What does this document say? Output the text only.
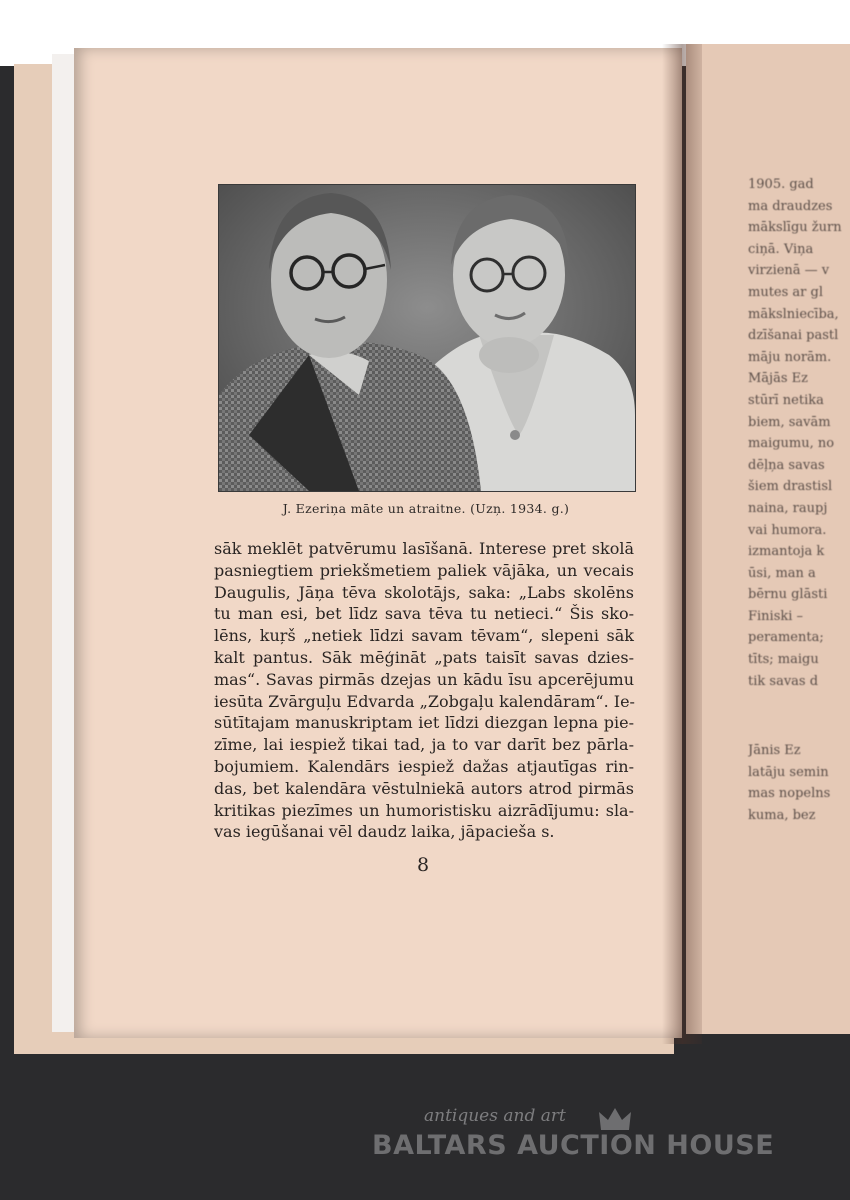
J. Ezeriņa māte un atraitne. (Uzņ. 1934. g.)
sāk meklēt patvērumu lasīšanā. Interese pret skolā
pasniegtiem priekšmetiem paliek vājāka, un vecais
Daugulis, Jāņa tēva skolotājs, saka: „Labs skolēns
tu man esi, bet līdz sava tēva tu netieci.“ Šis sko-
lēns, kuŗš „netiek līdzi savam tēvam“, slepeni sāk
kalt pantus. Sāk mēģināt „pats taisīt savas dzies-
mas“. Savas pirmās dzejas un kādu īsu apcerējumu
iesūta Zvārguļu Edvarda „Zobgaļu kalendāram“. Ie-
sūtītajam manuskriptam iet līdzi diezgan lepna pie-
zīme, lai iespiež tikai tad, ja to var darīt bez pārla-
bojumiem. Kalendārs iespiež dažas atjautīgas rin-
das, bet kalendāra vēstulniekā autors atrod pirmās
kritikas piezīmes un humoristisku aizrādījumu: sla-
vas iegūšanai vēl daudz laika, jāpacieša s.
8
1905. gad
ma draudzes
mākslīgu žurn
ciņā. Viņa
virzienā — v
mutes ar gl
mākslniecība,
dzīšanai pastl
māju norām.
Mājās Ez
stūrī netika
biem, savām
maigumu, no
dēļņa savas
šiem drastisl
naina, raupj
vai humora.
izmantoja k
ūsi, man a
bērnu glāsti
Finiski –
peramenta;
tīts; maigu
tik savas d
Jānis Ez
latāju semin
mas nopelns
kuma, bez
antiques and art
BALTARS AUCTION HOUSE
